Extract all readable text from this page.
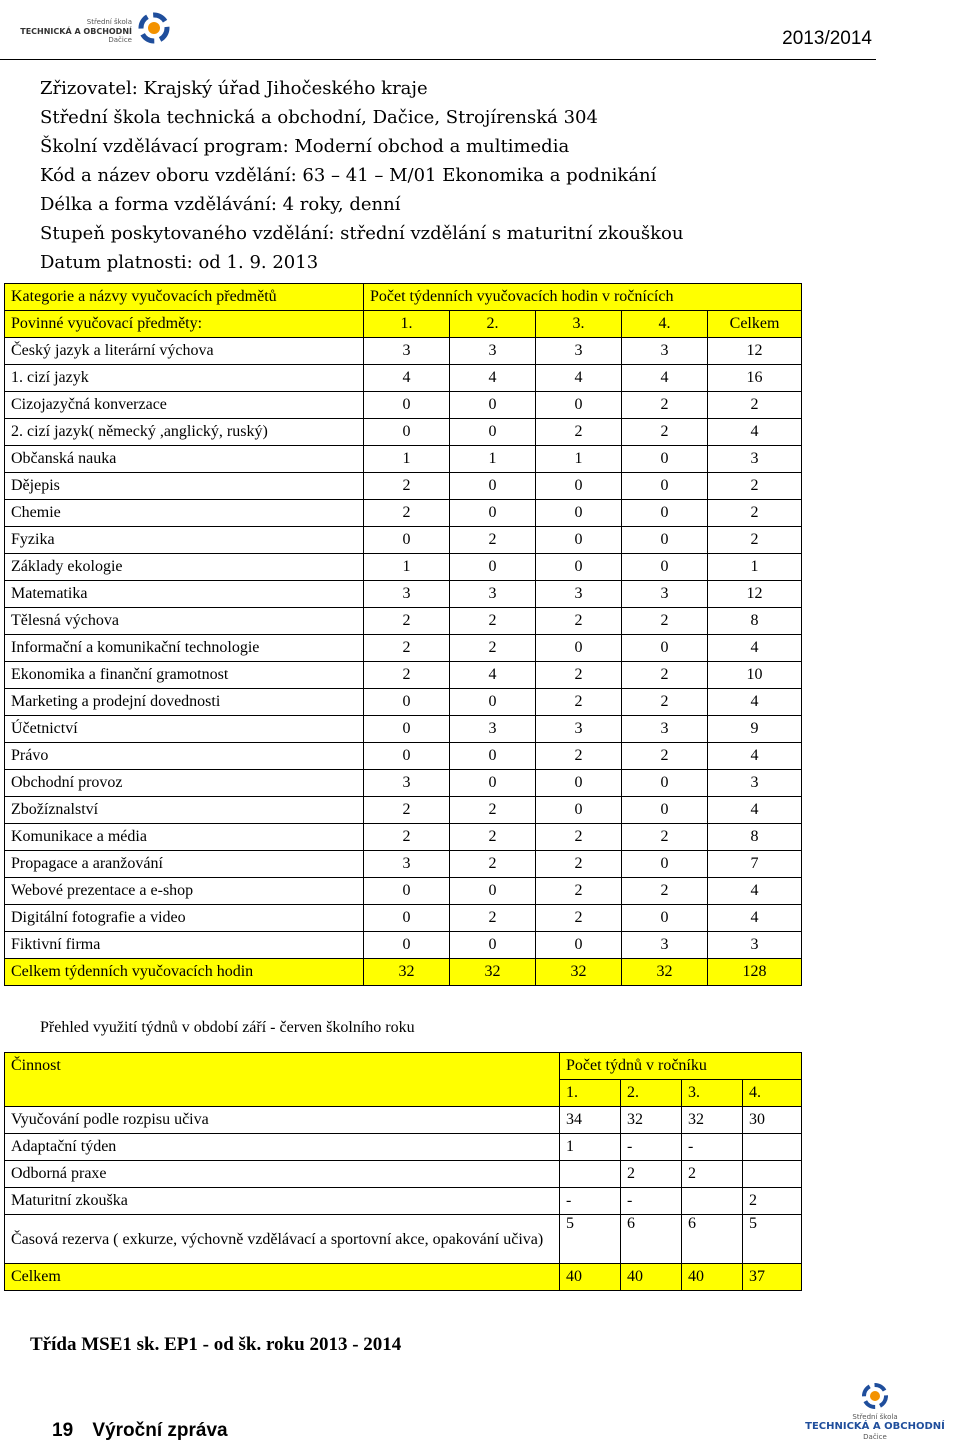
Střední škola
TECHNICKÁ A OBCHODNÍ
Dačice	2013/2014
Zřizovatel: Krajský úřad Jihočeského kraje
Střední škola technická a obchodní, Dačice, Strojírenská 304
Školní vzdělávací program: Moderní obchod a multimedia
Kód a název oboru vzdělání: 63 – 41 – M/01 Ekonomika a podnikání
Délka a forma vzdělávání: 4 roky, denní
Stupeň poskytovaného vzdělání: střední vzdělání s maturitní zkouškou
Datum platnosti: od 1. 9. 2013
Kategorie a názvy vyučovacích předmětů	Počet týdenních vyučovacích hodin v ročnících				
Povinné vyučovací předměty:	1.	2.	3.	4.	Celkem
Český jazyk a literární výchova	3	3	3	3	12
1. cizí jazyk	4	4	4	4	16
Cizojazyčná konverzace	0	0	0	2	2
2. cizí jazyk( německý ,anglický, ruský)	0	0	2	2	4
Občanská nauka	1	1	1	0	3
Dějepis	2	0	0	0	2
Chemie	2	0	0	0	2
Fyzika	0	2	0	0	2
Základy ekologie	1	0	0	0	1
Matematika	3	3	3	3	12
Tělesná výchova	2	2	2	2	8
Informační a komunikační technologie	2	2	0	0	4
Ekonomika a finanční gramotnost	2	4	2	2	10
Marketing a prodejní dovednosti	0	0	2	2	4
Účetnictví	0	3	3	3	9
Právo	0	0	2	2	4
Obchodní provoz	3	0	0	0	3
Zbožíznalství	2	2	0	0	4
Komunikace a média	2	2	2	2	8
Propagace a aranžování	3	2	2	0	7
Webové prezentace a e-shop	0	0	2	2	4
Digitální fotografie a video	0	2	2	0	4
Fiktivní firma	0	0	0	3	3
Celkem týdenních vyučovacích hodin	32	32	32	32	128
Přehled využití týdnů v období září - červen školního roku
Činnost	Počet týdnů v ročníku			
	1.	2.	3.	4.
Vyučování podle rozpisu učiva	34	32	32	30
Adaptační týden	1	-	-	
Odborná praxe		2	2	
Maturitní zkouška	-	-		2
Časová rezerva ( exkurze, výchovně vzdělávací a sportovní akce, opakování učiva)	5	6	6	5
Celkem	40	40	40	37
Třída MSE1 sk. EP1 - od šk. roku 2013 - 2014
19 Výroční zpráva
Střední škola
TECHNICKÁ A OBCHODNÍ
Dačice
